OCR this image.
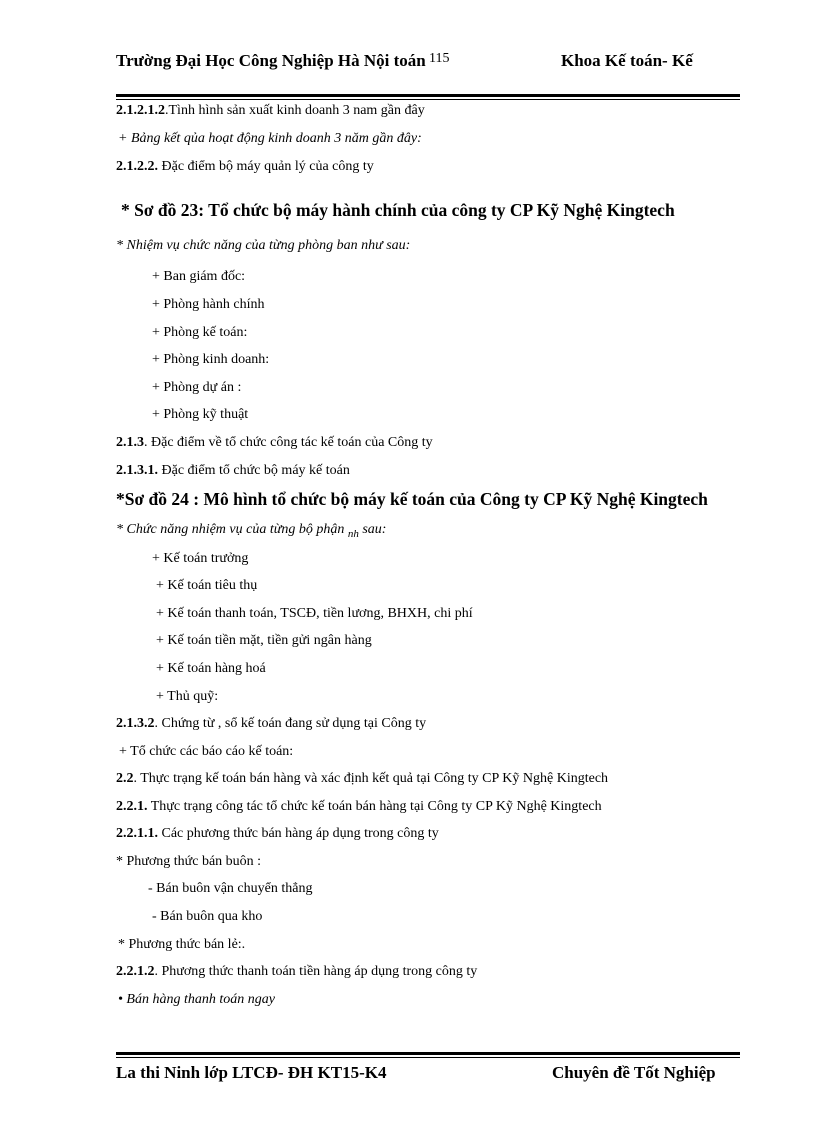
Trường Đại Học Công Nghiệp Hà Nội toán 115	Khoa Kế toán- Kế
2.1.2.1.2.Tình hình sản xuất kinh doanh 3 nam gần đây
+ Bảng kết qủa hoạt động kinh doanh 3 năm gần đây:
2.1.2.2. Đặc điểm bộ máy quản lý của công ty
* Sơ đồ 23: Tổ chức bộ máy hành chính của công ty CP Kỹ Nghệ Kingtech
* Nhiệm vụ chức năng của từng phòng ban như sau:
+ Ban giám đốc:
+ Phòng hành chính
+ Phòng kế toán:
+ Phòng kinh doanh:
+ Phòng dự án :
+ Phòng kỹ thuật
2.1.3. Đặc điểm về tổ chức công tác kế toán của Công ty
2.1.3.1. Đặc điểm tổ chức bộ máy kế toán
*Sơ đồ 24 : Mô hình tổ chức bộ máy kế toán của Công ty CP Kỹ Nghệ Kingtech
* Chức năng nhiệm vụ của từng bộ phận $_{nh}$ sau:
+ Kế toán trưởng
+ Kế toán tiêu thụ
+ Kế toán thanh toán, TSCĐ, tiền lương, BHXH, chi phí
+ Kế toán tiền mặt, tiền gửi ngân hàng
+ Kế toán hàng hoá
+ Thủ quỹ:
2.1.3.2. Chứng từ , sổ kế toán đang sử dụng tại Công ty
+ Tổ chức các báo cáo kế toán:
2.2. Thực trạng kế toán bán hàng và xác định kết quả tại Công ty CP Kỹ Nghệ Kingtech
2.2.1. Thực trạng công tác tổ chức kế toán bán hàng tại Công ty CP Kỹ Nghệ Kingtech
2.2.1.1. Các phương thức bán hàng áp dụng trong công ty
* Phương thức bán buôn :
- Bán buôn vận chuyển thẳng
- Bán buôn qua kho
* Phương thức bán lẻ:.
2.2.1.2. Phương thức thanh toán tiền hàng áp dụng trong công ty
• Bán hàng thanh toán ngay
La thi Ninh lớp LTCĐ- ĐH KT15-K4	Chuyên đề Tốt Nghiệp
